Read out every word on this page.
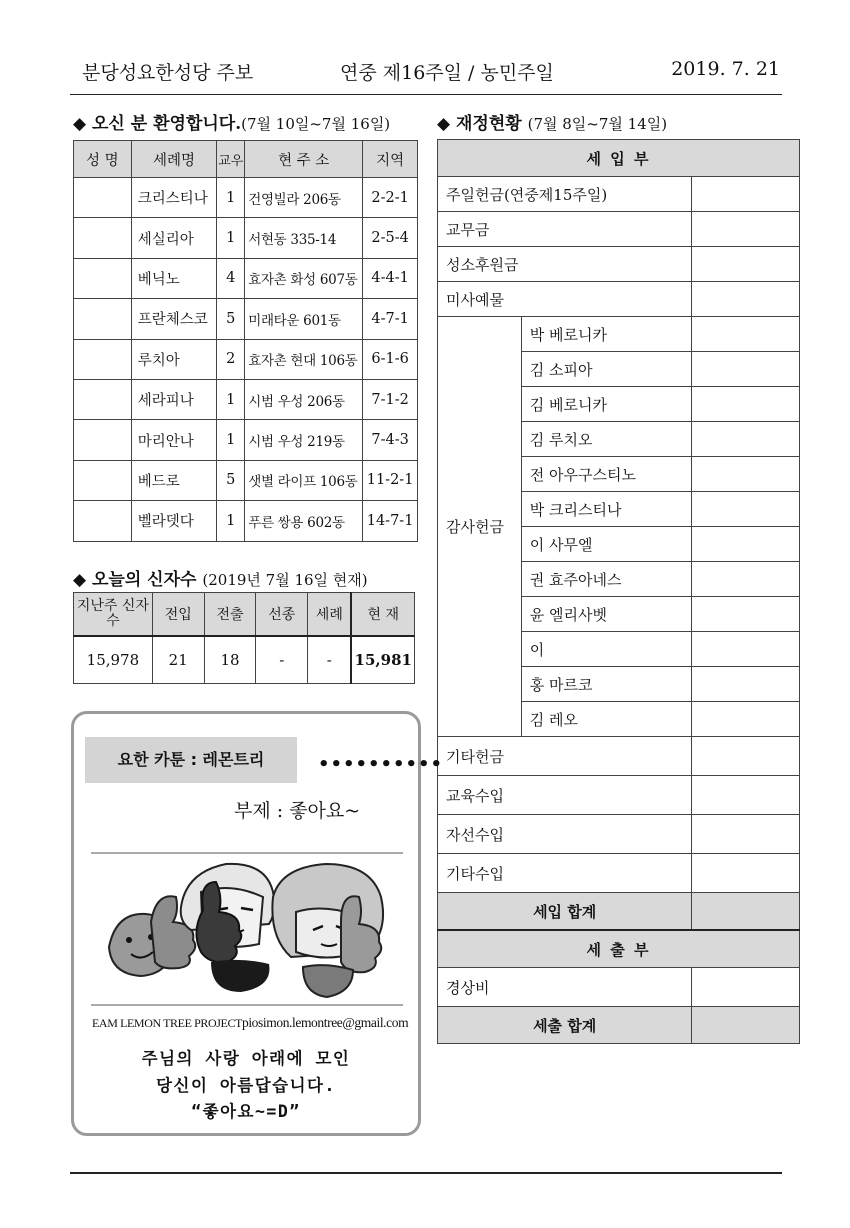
분당성요한성당 주보	연중 제16주일 / 농민주일	2019. 7. 21
◆ 오신 분 환영합니다.(7월 10일~7월 16일)
성 명	세례명	교우	현 주 소	지역
	크리스티나	1	건영빌라 206동	2-2-1
	세실리아	1	서현동 335-14	2-5-4
	베닉노	4	효자촌 화성 607동	4-4-1
	프란체스코	5	미래타운 601동	4-7-1
	루치아	2	효자촌 현대 106동	6-1-6
	세라피나	1	시범 우성 206동	7-1-2
	마리안나	1	시범 우성 219동	7-4-3
	베드로	5	샛별 라이프 106동	11-2-1
	벨라뎃다	1	푸른 쌍용 602동	14-7-1
◆ 오늘의 신자수 (2019년 7월 16일 현재)
지난주 신자수	전입	전출	선종	세례	현 재
15,978	21	18	-	-	15,981
◆ 재정현황 (7월 8일~7월 14일)
세 입 부		
주일헌금(연중제15주일)		
교무금		
성소후원금		
미사예물		
감사헌금	박 베로니카	
	김 소피아	
	김 베로니카	
	김 루치오	
	전 아우구스티노	
	박 크리스티나	
	이 사무엘	
	권 효주아네스	
	윤 엘리사벳	
	이	
	홍 마르코	
	김 레오	
기타헌금		
교육수입		
자선수입		
기타수입		
세입 합계		
세 출 부		
경상비		
세출 합계		
요한 카툰 : 레몬트리	••••••••••
부제 : 좋아요~
EAM LEMON TREE PROJECTpiosimon.lemontree@gmail.com
주님의 사랑 아래에 모인
당신이 아름답습니다.
“좋아요~=D”
